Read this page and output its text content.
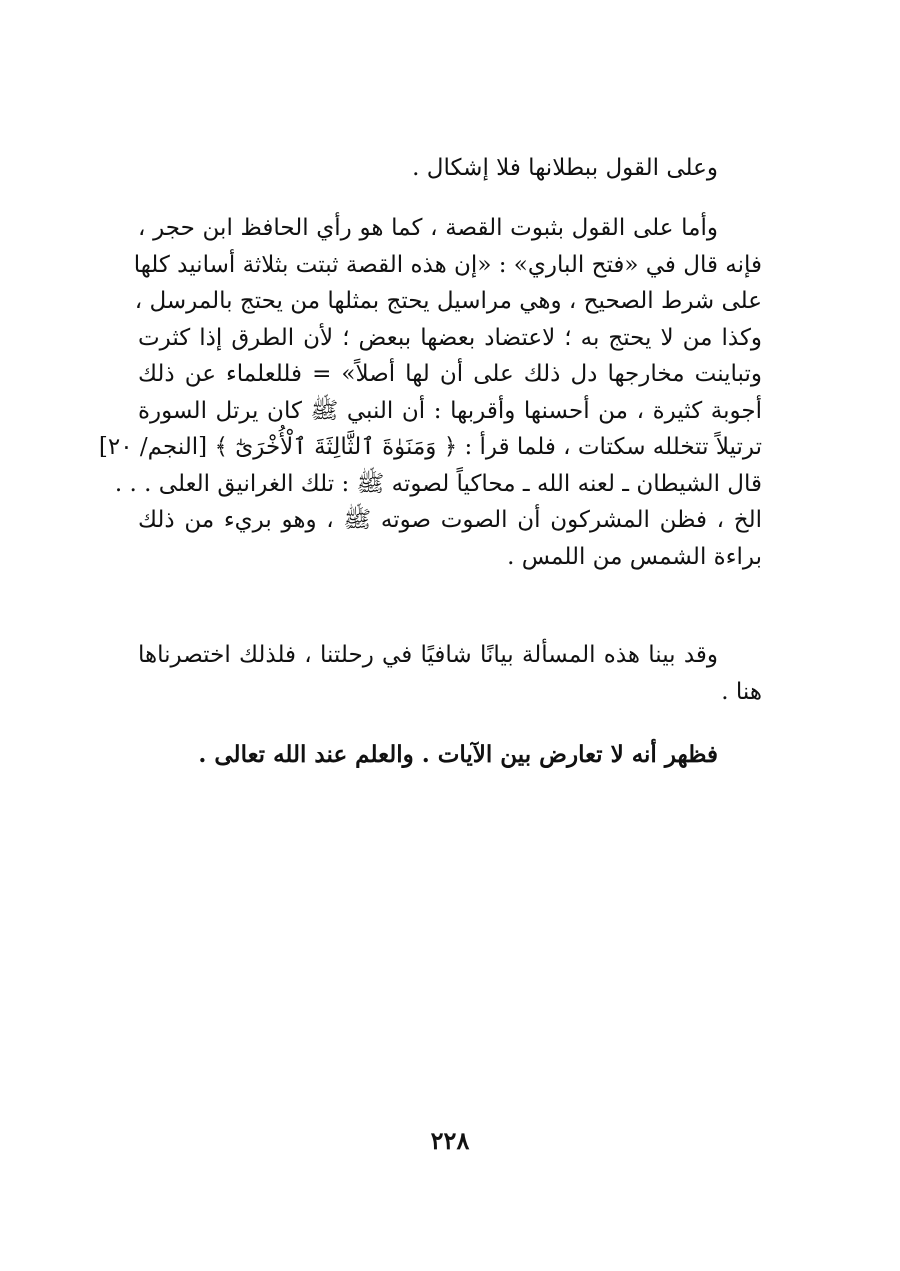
وعلى القول ببطلانها فلا إشكال .
وأما على القول بثبوت القصة ، كما هو رأي الحافظ ابن حجر ،
فإنه قال في «فتح الباري» : «إن هذه القصة ثبتت بثلاثة أسانيد كلها
على شرط الصحيح ، وهي مراسيل يحتج بمثلها من يحتج بالمرسل ،
وكذا من لا يحتج به ؛ لاعتضاد بعضها ببعض ؛ لأن الطرق إذا كثرت
وتباينت مخارجها دل ذلك على أن لها أصلاً» = فللعلماء عن ذلك
أجوبة كثيرة ، من أحسنها وأقربها : أن النبي ﷺ كان يرتل السورة
ترتيلاً تتخلله سكتات ، فلما قرأ : ﴿ وَمَنَوٰةَ ٱلثَّالِثَةَ ٱلْأُخْرَىٰٓ ﴾ [النجم/ ٢٠]
قال الشيطان ـ لعنه الله ـ محاكياً لصوته ﷺ : تلك الغرانيق العلى . . .
الخ ، فظن المشركون أن الصوت صوته ﷺ ، وهو بريء من ذلك
براءة الشمس من اللمس .
وقد بينا هذه المسألة بيانًا شافيًا في رحلتنا ، فلذلك اختصرناها
هنا .
فظهر أنه لا تعارض بين الآيات . والعلم عند الله تعالى .
٢٢٨
